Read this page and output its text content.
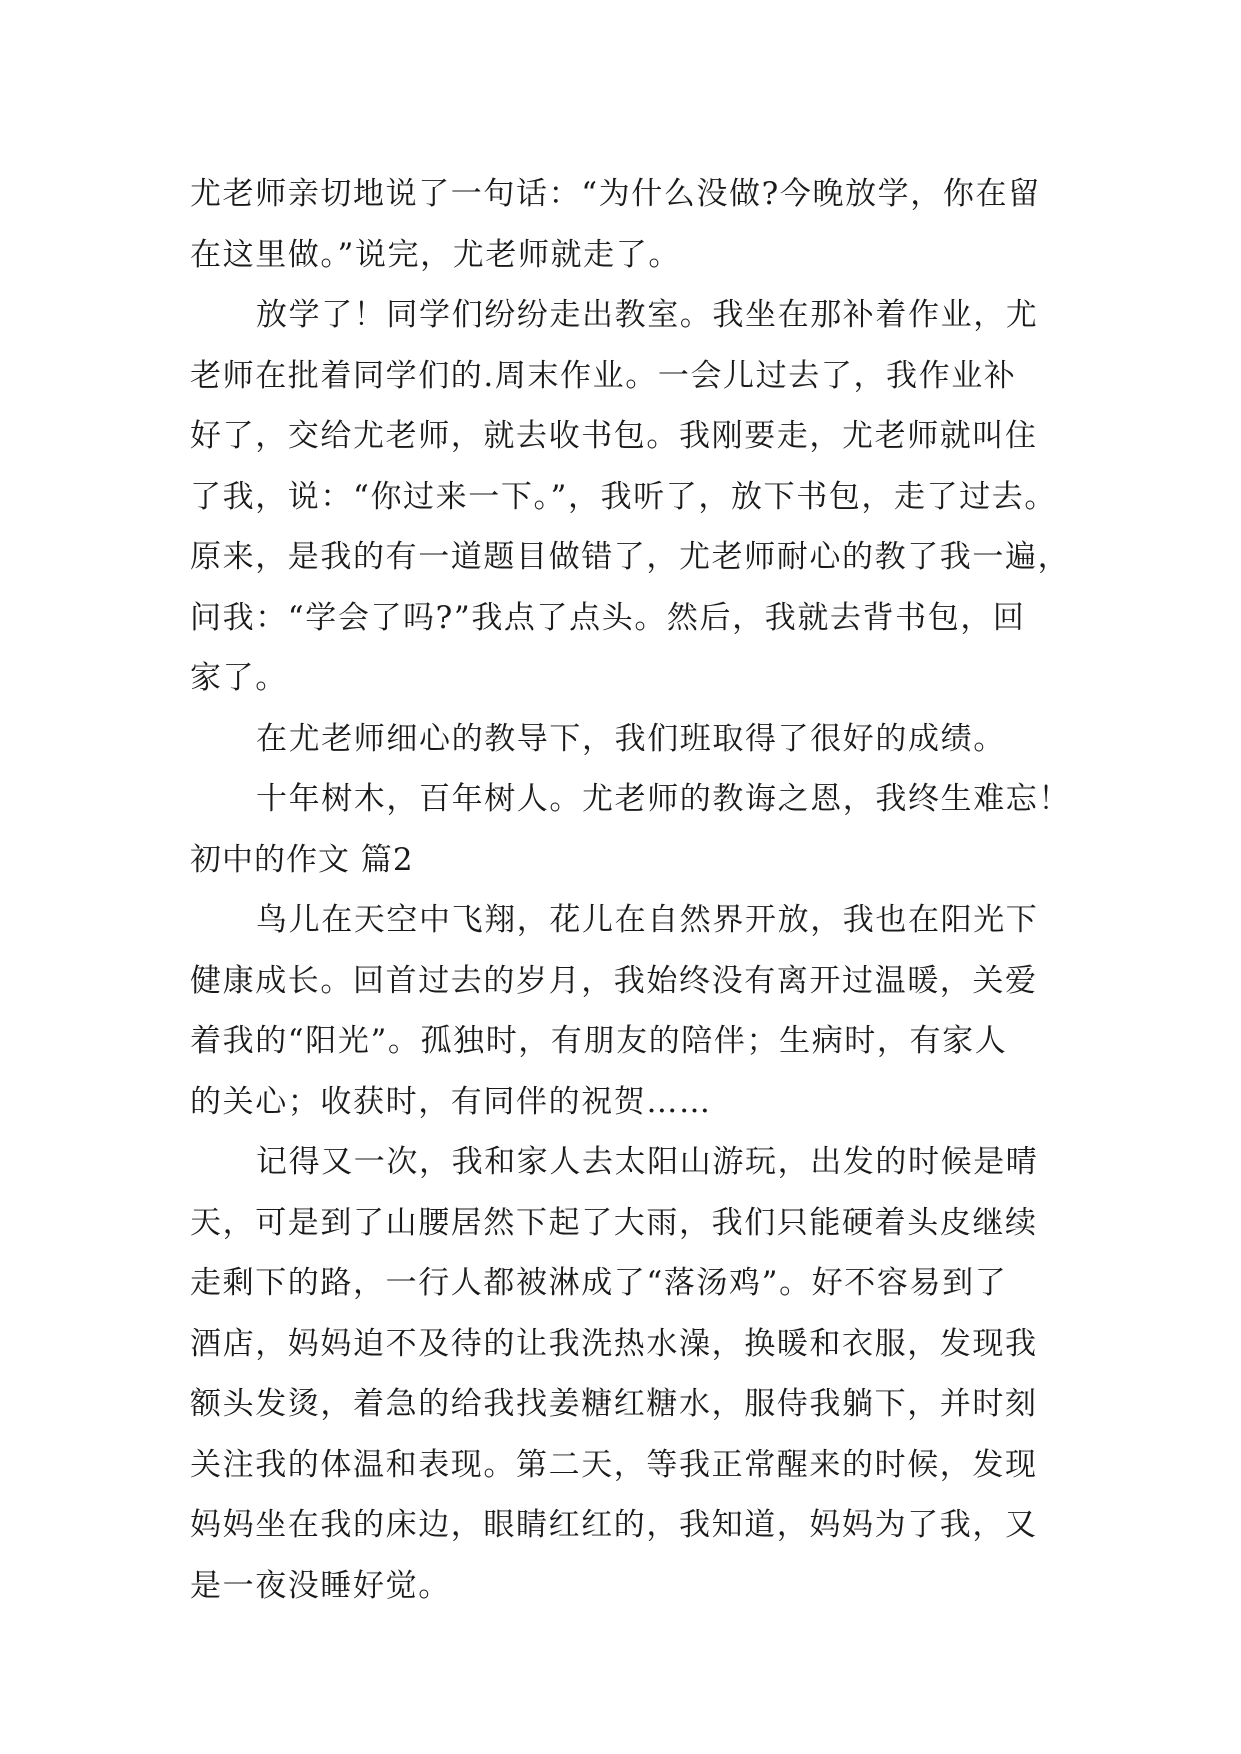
尤老师亲切地说了一句话：“为什么没做?今晚放学，你在留
在这里做。”说完，尤老师就走了。
放学了！同学们纷纷走出教室。我坐在那补着作业，尤
老师在批着同学们的.周末作业。一会儿过去了，我作业补
好了，交给尤老师，就去收书包。我刚要走，尤老师就叫住
了我，说：“你过来一下。”，我听了，放下书包，走了过去。
原来，是我的有一道题目做错了，尤老师耐心的教了我一遍，
问我：“学会了吗?”我点了点头。然后，我就去背书包，回
家了。
在尤老师细心的教导下，我们班取得了很好的成绩。
十年树木，百年树人。尤老师的教诲之恩，我终生难忘！
初中的作文 篇2
鸟儿在天空中飞翔，花儿在自然界开放，我也在阳光下
健康成长。回首过去的岁月，我始终没有离开过温暖，关爱
着我的“阳光”。孤独时，有朋友的陪伴；生病时，有家人
的关心；收获时，有同伴的祝贺……
记得又一次，我和家人去太阳山游玩，出发的时候是晴
天，可是到了山腰居然下起了大雨，我们只能硬着头皮继续
走剩下的路，一行人都被淋成了“落汤鸡”。好不容易到了
酒店，妈妈迫不及待的让我洗热水澡，换暖和衣服，发现我
额头发烫，着急的给我找姜糖红糖水，服侍我躺下，并时刻
关注我的体温和表现。第二天，等我正常醒来的时候，发现
妈妈坐在我的床边，眼睛红红的，我知道，妈妈为了我，又
是一夜没睡好觉。
